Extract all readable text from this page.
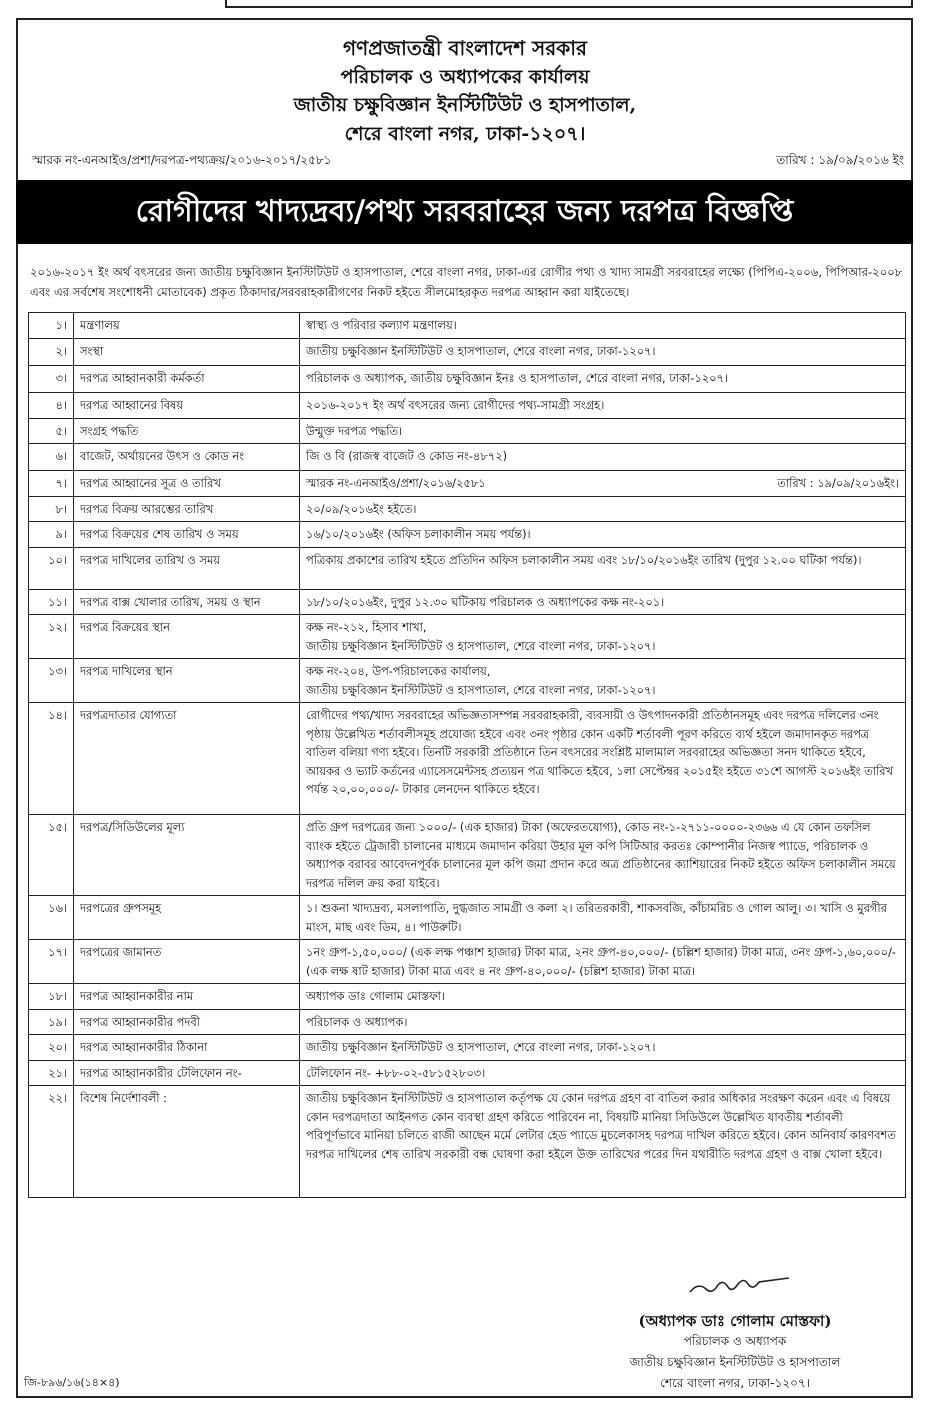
গণপ্রজাতন্ত্রী বাংলাদেশ সরকার
পরিচালক ও অধ্যাপকের কার্যালয়
জাতীয় চক্ষুবিজ্ঞান ইনস্টিটিউট ও হাসপাতাল,
শেরে বাংলা নগর, ঢাকা-১২০৭।
স্মারক নং-এনআইও/প্রশা/দরপত্র-পথ্যক্রয়/২০১৬-২০১৭/২৫৮১	তারিখ : ১৯/০৯/২০১৬ ইং
রোগীদের খাদ্যদ্রব্য/পথ্য সরবরাহের জন্য দরপত্র বিজ্ঞপ্তি
২০১৬-২০১৭ ইং অর্থ বৎসরের জন্য জাতীয় চক্ষুবিজ্ঞান ইনস্টিটিউট ও হাসপাতাল, শেরে বাংলা নগর, ঢাকা-এর রোগীর পথ্য ও খাদ্য সামগ্রী সরবরাহের লক্ষ্যে (পিপিএ-২০০৬, পিপিআর-২০০৮ এবং এর সর্বশেষ সংশোধনী মোতাবেক) প্রকৃত ঠিকাদার/সরবরাহকারীগণের নিকট হইতে সীলমোহরকৃত দরপত্র আহ্বান করা যাইতেছে।
১।	মন্ত্রণালয়	স্বাস্থ্য ও পরিবার কল্যাণ মন্ত্রণালয়।
২।	সংস্থা	জাতীয় চক্ষুবিজ্ঞান ইনস্টিটিউট ও হাসপাতাল, শেরে বাংলা নগর, ঢাকা-১২০৭।
৩।	দরপত্র আহ্বানকারী কর্মকর্তা	পরিচালক ও অধ্যাপক, জাতীয় চক্ষুবিজ্ঞান ইনঃ ও হাসপাতাল, শেরে বাংলা নগর, ঢাকা-১২০৭।
৪।	দরপত্র আহ্বানের বিষয়	২০১৬-২০১৭ ইং অর্থ বৎসরের জন্য রোগীদের পথ্য-সামগ্রী সংগ্রহ।
৫।	সংগ্রহ পদ্ধতি	উন্মুক্ত দরপত্র পদ্ধতি।
৬।	বাজেট, অর্থায়নের উৎস ও কোড নং	জি ও বি (রাজস্ব বাজেট ও কোড নং-৪৮৭২)
৭।	দরপত্র আহ্বানের সূত্র ও তারিখ	তারিখ : ১৯/০৯/২০১৬ইং।
স্মারক নং-এনআইও/প্রশা/২০১৬/২৫৮১
৮।	দরপত্র বিক্রয় আরম্ভের তারিখ	২০/০৯/২০১৬ইং হইতে।
৯।	দরপত্র বিক্রয়ের শেষ তারিখ ও সময়	১৬/১০/২০১৬ইং (অফিস চলাকালীন সময় পর্যন্ত)।
১০।	দরপত্র দাখিলের তারিখ ও সময়	পত্রিকায় প্রকাশের তারিখ হইতে প্রতিদিন অফিস চলাকালীন সময় এবং ১৮/১০/২০১৬ইং তারিখ (দুপুর ১২.০০ ঘটিকা পর্যন্ত)।
১১।	দরপত্র বাক্স খোলার তারিখ, সময় ও স্থান	১৮/১০/২০১৬ইং, দুপুর ১২.৩০ ঘটিকায় পরিচালক ও অধ্যাপকের কক্ষ নং-২০১।
১২।	দরপত্র বিক্রয়ের স্থান	কক্ষ নং-২১২, হিসাব শাখা,
জাতীয় চক্ষুবিজ্ঞান ইনস্টিটিউট ও হাসপাতাল, শেরে বাংলা নগর, ঢাকা-১২০৭।
১৩।	দরপত্র দাখিলের স্থান	কক্ষ নং-২০৪, উপ-পরিচালকের কার্যালয়,
জাতীয় চক্ষুবিজ্ঞান ইনস্টিটিউট ও হাসপাতাল, শেরে বাংলা নগর, ঢাকা-১২০৭।
১৪।	দরপত্রদাতার যোগ্যতা	রোগীদের পথ্য/খাদ্য সরবরাহের অভিজ্ঞতাসম্পন্ন সরবরাহকারী, ব্যবসায়ী ও উৎপাদনকারী প্রতিষ্ঠানসমূহ এবং দরপত্র দলিলের ৩নং পৃষ্ঠায় উল্লেখিত শর্তাবলীসমূহ প্রযোজ্য হইবে এবং ৩নং পৃষ্ঠার কোন একটি শর্তাবলী পূরণ করিতে ব্যর্থ হইলে জমাদানকৃত দরপত্র বাতিল বলিয়া গণ্য হইবে। তিনটি সরকারী প্রতিষ্ঠানে তিন বৎসরের সংশ্লিষ্ট মালামাল সরবরাহের অভিজ্ঞতা সনদ থাকিতে হইবে,
আয়কর ও ভ্যাট কর্তনের এ্যাসেসমেন্টসহ প্রত্যয়ন পত্র থাকিতে হইবে, ১লা সেপ্টেম্বর ২০১৫ইং হইতে ৩১শে আগস্ট ২০১৬ইং তারিখ পর্যন্ত ২০,০০,০০০/- টাকার লেনদেন থাকিতে হইবে।
১৫।	দরপত্র/সিডিউলের মূল্য	প্রতি গ্রুপ দরপত্রের জন্য ১০০০/- (এক হাজার) টাকা (অফেরতযোগ্য), কোড নং-১-২৭১১-০০০০-২৩৬৬ এ যে কোন তফসিল ব্যাংক হইতে ট্রেজারী চালানের মাধ্যমে জমাদান করিয়া উহার মূল কপি সিটিআর করতঃ কোম্পানীর নিজস্ব প্যাডে, পরিচালক ও অধ্যাপক বরাবর আবেদনপূর্বক চালানের মূল কপি জমা প্রদান করে অত্র প্রতিষ্ঠানের ক্যাশিয়ারের নিকট হইতে অফিস চলাকালীন সময়ে দরপত্র দলিল ক্রয় করা যাইবে।
১৬।	দরপত্রের গ্রুপসমূহ	১। শুকনা খাদ্যদ্রব্য, মসলাপাতি, দুগ্ধজাত সামগ্রী ও কলা ২। তরিতরকারী, শাকসবজি, কাঁচামরিচ ও গোল আলু। ৩। খাসি ও মুরগীর মাংস, মাছ এবং ডিম, ৪। পাউরুটি।
১৭।	দরপত্রের জামানত	১নং গ্রুপ-১,৫০,০০০/ (এক লক্ষ পঞ্চাশ হাজার) টাকা মাত্র, ২নং গ্রুপ-৪০,০০০/- (চল্লিশ হাজার) টাকা মাত্র, ৩নং গ্রুপ-১,৬০,০০০/- (এক লক্ষ ষাট হাজার) টাকা মাত্র এবং ৪ নং গ্রুপ-৪০,০০০/- (চল্লিশ হাজার) টাকা মাত্র।
১৮।	দরপত্র আহ্বানকারীর নাম	অধ্যাপক ডাঃ গোলাম মোস্তফা।
১৯।	দরপত্র আহ্বানকারীর পদবী	পরিচালক ও অধ্যাপক।
২০।	দরপত্র আহ্বানকারীর ঠিকানা	জাতীয় চক্ষুবিজ্ঞান ইনস্টিটিউট ও হাসপাতাল, শেরে বাংলা নগর, ঢাকা-১২০৭।
২১।	দরপত্র আহ্বানকারীর টেলিফোন নং-	টেলিফোন নং- +৮৮-০২-৫৮১৫২৮০৩।
২২।	বিশেষ নির্দেশাবলী :	জাতীয় চক্ষুবিজ্ঞান ইনস্টিটিউট ও হাসপাতাল কর্তৃপক্ষ যে কোন দরপত্র গ্রহণ বা বাতিল করার অধিকার সংরক্ষণ করেন এবং এ বিষয়ে কোন দরপত্রদাতা আইনগত কোন ব্যবস্থা গ্রহণ করিতে পারিবেন না, বিষয়টি মানিয়া সিডিউলে উল্লেখিত যাবতীয় শর্তাবলী পরিপূর্ণভাবে মানিয়া চলিতে রাজী আছেন মর্মে লেটার হেড প্যাডে মুচলেকাসহ দরপত্র দাখিল করিতে হইবে। কোন অনিবার্য কারণবশত দরপত্র দাখিলের শেষ তারিখ সরকারী বন্ধ ঘোষণা করা হইলে উক্ত তারিখের পরের দিন যথারীতি দরপত্র গ্রহণ ও বাক্স খোলা হইবে।
(অধ্যাপক ডাঃ গোলাম মোস্তফা)
পরিচালক ও অধ্যাপক
জাতীয় চক্ষুবিজ্ঞান ইনস্টিটিউট ও হাসপাতাল
শেরে বাংলা নগর, ঢাকা-১২০৭।
জি-৮৯৬/১৬(১৪×৪)
